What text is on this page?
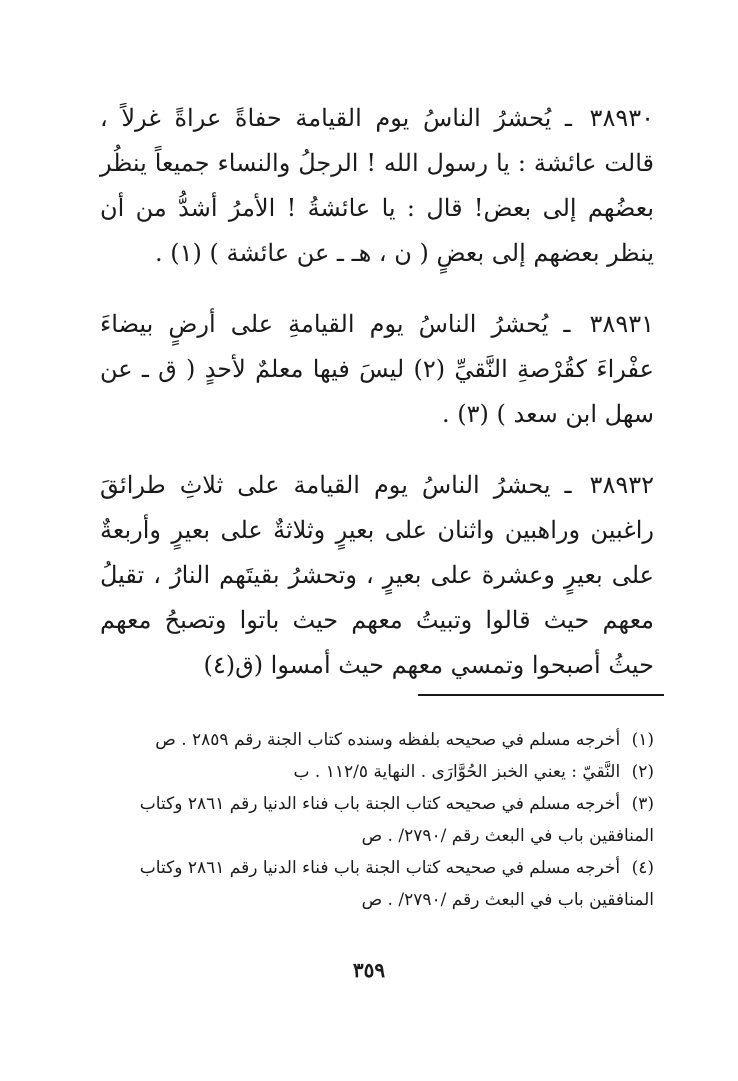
٣٨٩٣٠ ـ يُحشرُ الناسُ يوم القيامة حفاةً عراةً غرلاً ، قالت عائشة : يا رسول الله ! الرجلُ والنساء جميعاً ينظُر بعضُهم إلى بعض! قال : يا عائشةُ ! الأمرُ أشدُّ من أن ينظر بعضهم إلى بعضٍ ( ن ، هـ ـ عن عائشة ) (١) .

٣٨٩٣١ ـ يُحشرُ الناسُ يوم القيامةِ على أرضٍ بيضاءَ عفْراءَ كقُرْصةِ النَّقيِّ (٢) ليسَ فيها معلمٌ لأحدٍ ( ق ـ عن سهل ابن سعد ) (٣) .

٣٨٩٣٢ ـ يحشرُ الناسُ يوم القيامة على ثلاثِ طرائقَ راغبين وراهبين واثنان على بعيرٍ وثلاثةٌ على بعيرٍ وأربعةٌ على بعيرٍ وعشرة على بعيرٍ ، وتحشرُ بقيتَهم النارُ ، تقيلُ معهم حيث قالوا وتبيتُ معهم حيث باتوا وتصبحُ معهم حيثُ أصبحوا وتمسي معهم حيث أمسوا (ق(٤)

(١) أخرجه مسلم في صحيحه بلفظه وسنده كتاب الجنة رقم ٢٨٥٩ . ص

(٢) النَّقيّ : يعني الخبز الحُوَّارَى . النهاية ١١٢/٥ . ب

(٣) أخرجه مسلم في صحيحه كتاب الجنة باب فناء الدنيا رقم ٢٨٦١ وكتاب المنافقين باب في البعث رقم /٢٧٩٠/ . ص

(٤) أخرجه مسلم في صحيحه كتاب الجنة باب فناء الدنيا رقم ٢٨٦١ وكتاب المنافقين باب في البعث رقم /٢٧٩٠/ . ص

٣٥٩
